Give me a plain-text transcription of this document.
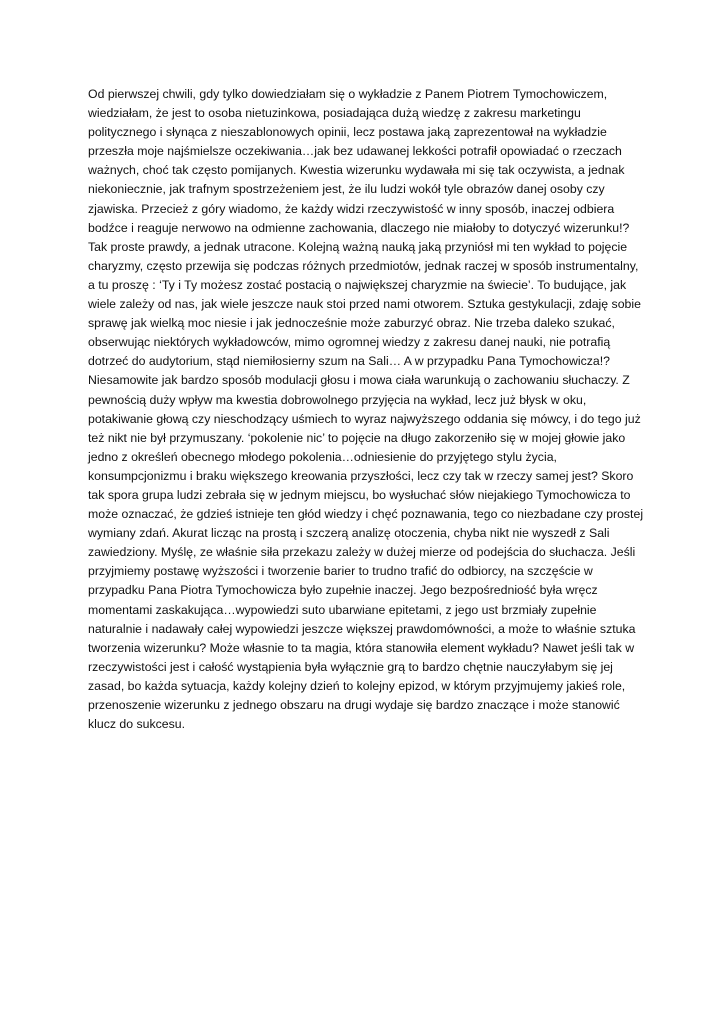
Od pierwszej chwili, gdy tylko dowiedziałam się o wykładzie z Panem Piotrem Tymochowiczem,
wiedziałam, że jest to osoba nietuzinkowa, posiadająca dużą wiedzę z zakresu marketingu
politycznego i słynąca z nieszablonowych opinii, lecz postawa jaką zaprezentował na wykładzie
przeszła moje najśmielsze oczekiwania…jak bez udawanej lekkości potrafił opowiadać o rzeczach
ważnych, choć tak często pomijanych. Kwestia wizerunku wydawała mi się tak oczywista, a jednak
niekoniecznie, jak trafnym spostrzeżeniem jest, że ilu ludzi wokół tyle obrazów danej osoby czy
zjawiska. Przecież z góry wiadomo, że każdy widzi rzeczywistość w inny sposób, inaczej odbiera
bodźce i reaguje nerwowo na odmienne zachowania, dlaczego nie miałoby to dotyczyć wizerunku!?
Tak proste prawdy, a jednak utracone. Kolejną ważną nauką jaką przyniósł mi ten wykład to pojęcie
charyzmy, często przewija się podczas różnych przedmiotów, jednak raczej w sposób instrumentalny,
a tu proszę : ‘Ty i Ty możesz zostać postacią o największej charyzmie na świecie’. To budujące, jak
wiele zależy od nas, jak wiele jeszcze nauk stoi przed nami otworem. Sztuka gestykulacji, zdaję sobie
sprawę jak wielką moc niesie i jak jednocześnie może zaburzyć obraz. Nie trzeba daleko szukać,
obserwując niektórych wykładowców, mimo ogromnej wiedzy z zakresu danej nauki, nie potrafią
dotrzeć do audytorium, stąd niemiłosierny szum na Sali… A w przypadku Pana Tymochowicza!?
Niesamowite jak bardzo sposób modulacji głosu i mowa ciała warunkują o zachowaniu słuchaczy. Z
pewnością duży wpływ ma kwestia dobrowolnego przyjęcia na wykład, lecz już błysk w oku,
potakiwanie głową czy nieschodzący uśmiech to wyraz najwyższego oddania się mówcy, i do tego już
też nikt nie był przymuszany. ‘pokolenie nic’ to pojęcie na długo zakorzeniło się w mojej głowie jako
jedno z określeń obecnego młodego pokolenia…odniesienie do przyjętego stylu życia,
konsumpcjonizmu i braku większego kreowania przyszłości, lecz czy tak w rzeczy samej jest? Skoro
tak spora grupa ludzi zebrała się w jednym miejscu, bo wysłuchać słów niejakiego Tymochowicza to
może oznaczać, że gdzieś istnieje ten głód wiedzy i chęć poznawania, tego co niezbadane czy prostej
wymiany zdań. Akurat licząc na prostą i szczerą analizę otoczenia, chyba nikt nie wyszedł z Sali
zawiedziony. Myślę, ze właśnie siła przekazu zależy w dużej mierze od podejścia do słuchacza. Jeśli
przyjmiemy postawę wyższości i tworzenie barier to trudno trafić do odbiorcy, na szczęście w
przypadku Pana Piotra Tymochowicza było zupełnie inaczej. Jego bezpośredniość była wręcz
momentami zaskakująca…wypowiedzi suto ubarwiane epitetami, z jego ust brzmiały zupełnie
naturalnie i nadawały całej wypowiedzi jeszcze większej prawdomówności, a może to właśnie sztuka
tworzenia wizerunku? Może własnie to ta magia, która stanowiła element wykładu? Nawet jeśli tak w
rzeczywistości jest i całość wystąpienia była wyłącznie grą to bardzo chętnie nauczyłabym się jej
zasad, bo każda sytuacja, każdy kolejny dzień to kolejny epizod, w którym przyjmujemy jakieś role,
przenoszenie wizerunku z jednego obszaru na drugi wydaje się bardzo znaczące i może stanowić
klucz do sukcesu.
